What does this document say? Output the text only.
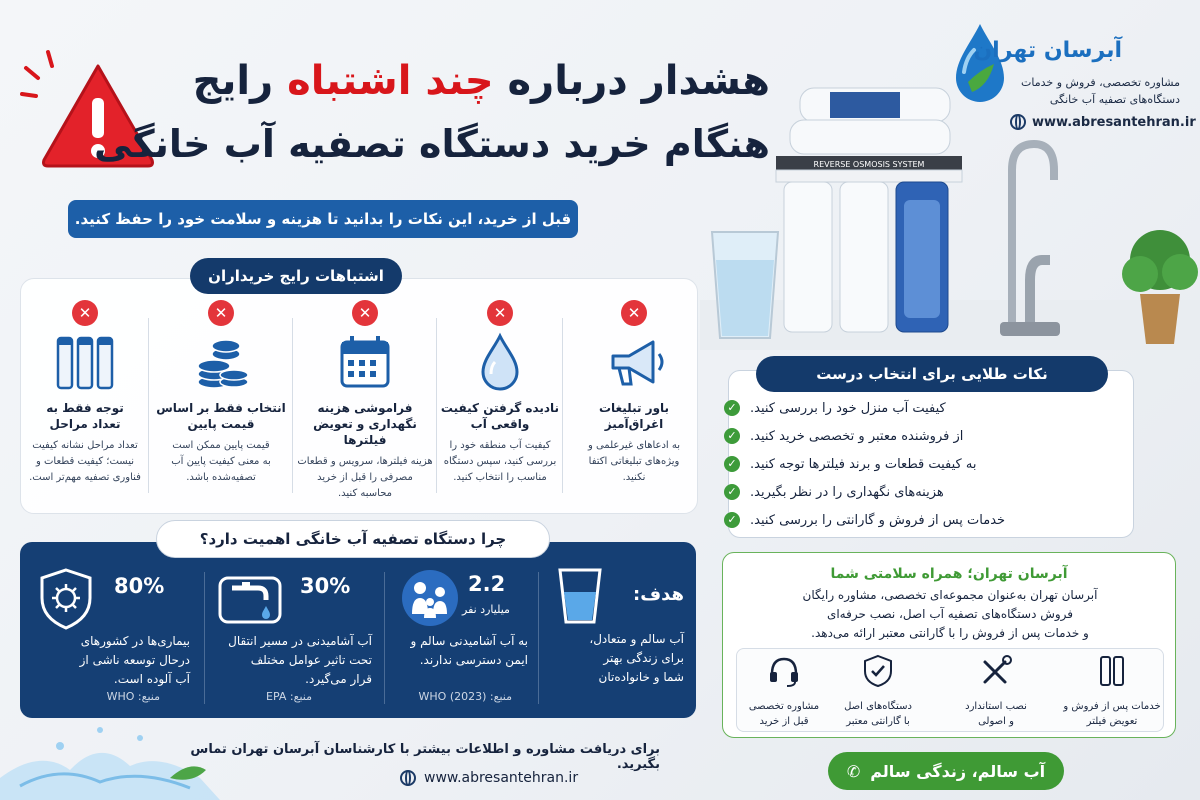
هشدار درباره چند اشتباه رایج
هنگام خرید دستگاه تصفیه آب خانگی
قبل از خرید، این نکات را بدانید تا هزینه و سلامت خود را حفظ کنید.
آبرسان تهران
مشاوره تخصصی، فروش و خدمات
دستگاه‌های تصفیه آب خانگی
www.abresantehran.ir
REVERSE OSMOSIS SYSTEM
اشتباهات رایج خریداران
✕
باور تبلیغات
اغراق‌آمیز
به ادعاهای غیرعلمی و
ویژه‌های تبلیغاتی اکتفا
نکنید.
✕
نادیده گرفتن کیفیت
واقعی آب
کیفیت آب منطقه خود را
بررسی کنید، سپس دستگاه
مناسب را انتخاب کنید.
✕
فراموشی هزینه
نگهداری و تعویض فیلترها
هزینه فیلترها، سرویس و قطعات
مصرفی را قبل از خرید
محاسبه کنید.
✕
انتخاب فقط بر اساس
قیمت پایین
قیمت پایین ممکن است
به معنی کیفیت پایین آب
تصفیه‌شده باشد.
✕
توجه فقط به
تعداد مراحل
تعداد مراحل نشانه کیفیت
نیست؛ کیفیت قطعات و
فناوری تصفیه مهم‌تر است.
چرا دستگاه تصفیه آب خانگی اهمیت دارد؟
هدف:
آب سالم و متعادل،
برای زندگی بهتر
شما و خانواده‌تان
2.2
میلیارد نفر
به آب آشامیدنی سالم و
ایمن دسترسی ندارند.
منبع: WHO (2023)
30%
آب آشامیدنی در مسیر انتقال
تحت تاثیر عوامل مختلف
قرار می‌گیرد.
منبع: EPA
80%
بیماری‌ها در کشورهای
درحال توسعه ناشی از
آب آلوده است.
منبع: WHO
نکات طلایی برای انتخاب درست
کیفیت آب منزل خود را بررسی کنید.
✓
از فروشنده معتبر و تخصصی خرید کنید.
✓
به کیفیت قطعات و برند فیلترها توجه کنید.
✓
هزینه‌های نگهداری را در نظر بگیرید.
✓
خدمات پس از فروش و گارانتی را بررسی کنید.
✓
آبرسان تهران؛ همراه سلامتی شما
آبرسان تهران به‌عنوان مجموعه‌ای تخصصی، مشاوره رایگان
فروش دستگاه‌های تصفیه آب اصل، نصب حرفه‌ای
و خدمات پس از فروش را با گارانتی معتبر ارائه می‌دهد.
خدمات پس از فروش و
تعویض فیلتر
نصب استاندارد
و اصولی
دستگاه‌های اصل
با گارانتی معتبر
مشاوره تخصصی
قبل از خرید
برای دریافت مشاوره و اطلاعات بیشتر با کارشناسان آبرسان تهران تماس بگیرید.
www.abresantehran.ir	آب سالم، زندگی سالم
✆
